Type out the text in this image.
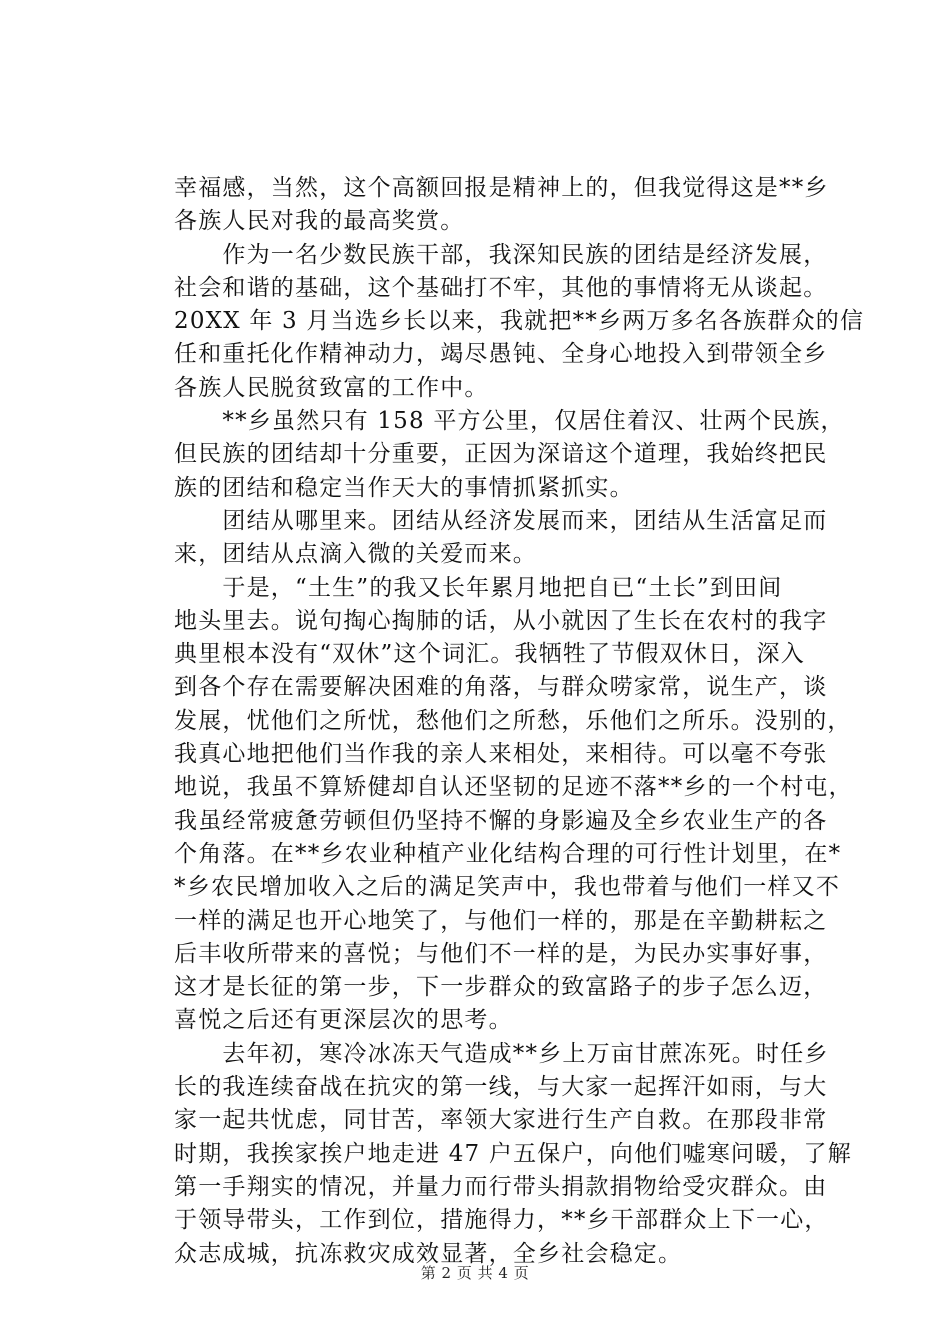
幸福感，当然，这个高额回报是精神上的，但我觉得这是**乡
各族人民对我的最高奖赏。
　　作为一名少数民族干部，我深知民族的团结是经济发展，
社会和谐的基础，这个基础打不牢，其他的事情将无从谈起。
20XX 年 3 月当选乡长以来，我就把**乡两万多名各族群众的信
任和重托化作精神动力，竭尽愚钝、全身心地投入到带领全乡
各族人民脱贫致富的工作中。
　　**乡虽然只有 158 平方公里，仅居住着汉、壮两个民族，
但民族的团结却十分重要，正因为深谙这个道理，我始终把民
族的团结和稳定当作天大的事情抓紧抓实。
　　团结从哪里来。团结从经济发展而来，团结从生活富足而
来，团结从点滴入微的关爱而来。
　　于是，“土生”的我又长年累月地把自已“土长”到田间
地头里去。说句掏心掏肺的话，从小就因了生长在农村的我字
典里根本没有“双休”这个词汇。我牺牲了节假双休日，深入
到各个存在需要解决困难的角落，与群众唠家常，说生产，谈
发展，忧他们之所忧，愁他们之所愁，乐他们之所乐。没别的，
我真心地把他们当作我的亲人来相处，来相待。可以毫不夸张
地说，我虽不算矫健却自认还坚韧的足迹不落**乡的一个村屯，
我虽经常疲惫劳顿但仍坚持不懈的身影遍及全乡农业生产的各
个角落。在**乡农业种植产业化结构合理的可行性计划里，在*
*乡农民增加收入之后的满足笑声中，我也带着与他们一样又不
一样的满足也开心地笑了，与他们一样的，那是在辛勤耕耘之
后丰收所带来的喜悦；与他们不一样的是，为民办实事好事，
这才是长征的第一步，下一步群众的致富路子的步子怎么迈，
喜悦之后还有更深层次的思考。
　　去年初，寒冷冰冻天气造成**乡上万亩甘蔗冻死。时任乡
长的我连续奋战在抗灾的第一线，与大家一起挥汗如雨，与大
家一起共忧虑，同甘苦，率领大家进行生产自救。在那段非常
时期，我挨家挨户地走进 47 户五保户，向他们嘘寒问暖，了解
第一手翔实的情况，并量力而行带头捐款捐物给受灾群众。由
于领导带头，工作到位，措施得力，**乡干部群众上下一心，
众志成城，抗冻救灾成效显著，全乡社会稳定。
第 2 页 共 4 页
